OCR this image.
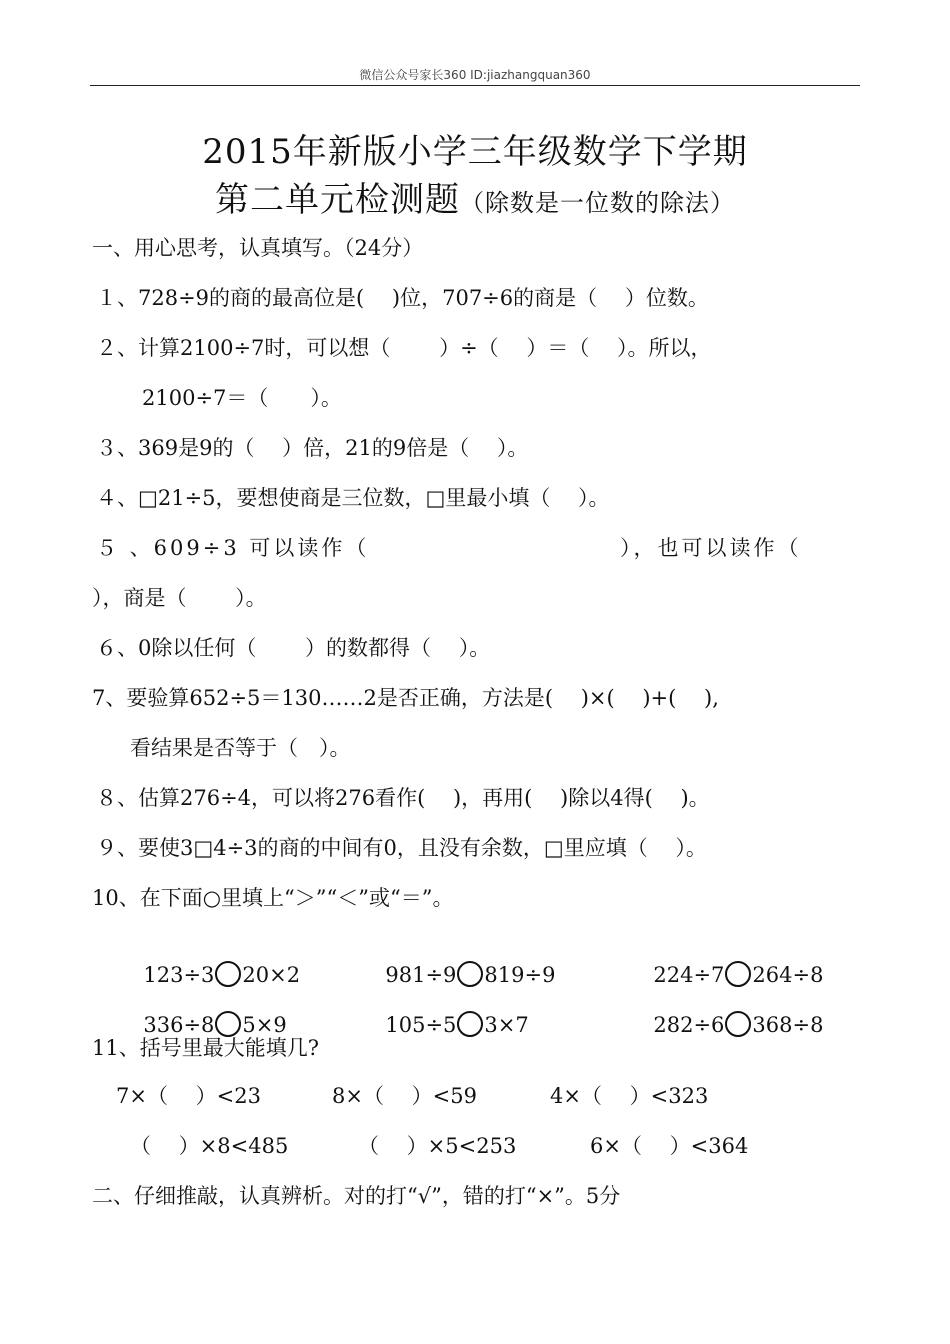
微信公众号家长360 ID:jiazhangquan360
2015年新版小学三年级数学下学期
第二单元检测题（除数是一位数的除法）
一、用心思考，认真填写。（24分）
１、728÷9的商的最高位是(　 )位，707÷6的商是（　 ）位数。
２、计算2100÷7时，可以想（　　 ）÷（　 ）＝（　 ）。所以，
2100÷7＝（　　）。
３、369是9的（　 ）倍，21的9倍是（　 ）。
４、□21÷5，要想使商是三位数，□里最小填（　 ）。
５ 、609÷3 可以读作（	），也可以读作（
），商是（　　 ）。
６、0除以任何（　　 ）的数都得（　 ）。
7、要验算652÷5＝130……2是否正确，方法是(　 )×(　 )+(　 ),
看结果是否等于（　）。
８、估算276÷4，可以将276看作(　 )，再用(　 )除以4得(　 )。
９、要使3□4÷3的商的中间有0，且没有余数，□里应填（　 ）。
10、在下面○里填上“＞”“＜”或“＝”。

123÷3 20×2	981÷9 819÷9	224÷7 264÷8

336÷8 5×9	105÷5 3×7	282÷6 368÷8

11、括号里最大能填几?
7×（　 ）<23	8×（　 ）<59	4×（　 ）<323
（　 ）×8<485	（　 ）×5<253	6×（　 ）<364
二、仔细推敲，认真辨析。对的打“√”，错的打“×”。5分
